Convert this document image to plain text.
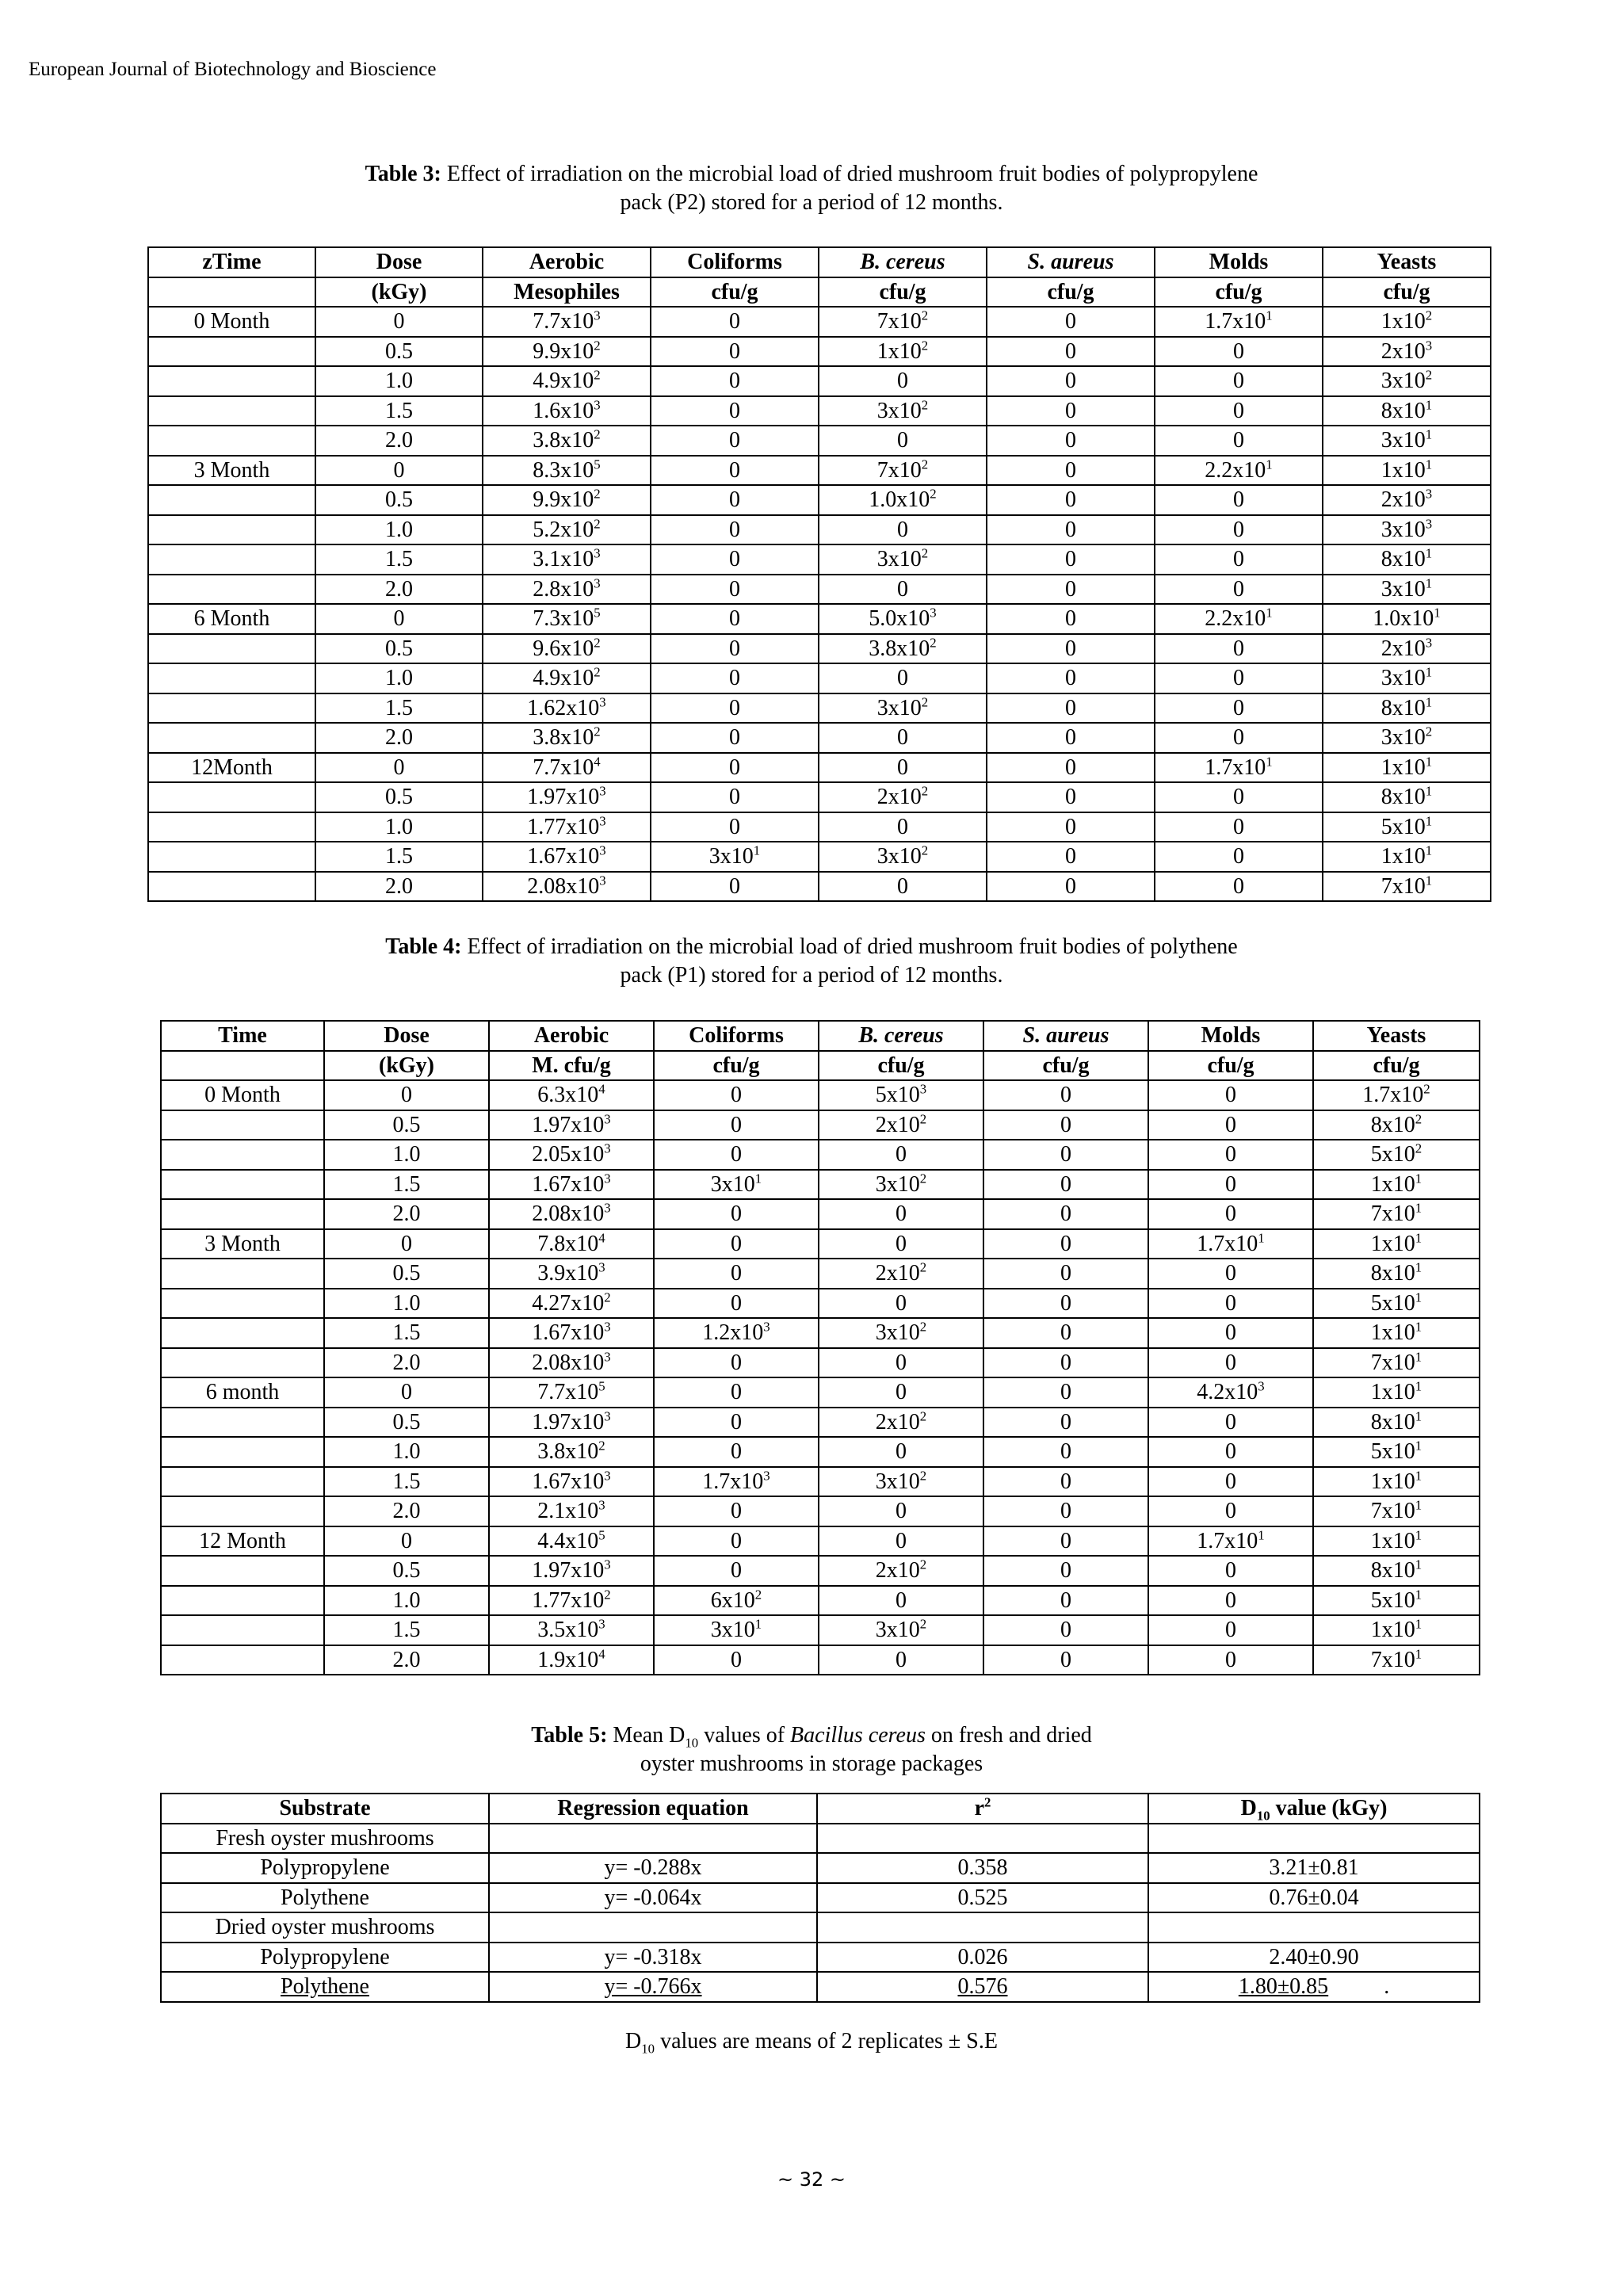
European Journal of Biotechnology and Bioscience
Table 3: Effect of irradiation on the microbial load of dried mushroom fruit bodies of polypropylene
pack (P2) stored for a period of 12 months.
zTime	Dose	Aerobic	Coliforms	B. cereus	S. aureus	Molds	Yeasts
	(kGy)	Mesophiles	cfu/g	cfu/g	cfu/g	cfu/g	cfu/g
0 Month	0	$7.7x10^3$	0	$7x10^2$	0	$1.7x10^1$	$1x10^2$
	0.5	$9.9x10^2$	0	$1x10^2$	0	0	$2x10^3$
	1.0	$4.9x10^2$	0	0	0	0	$3x10^2$
	1.5	$1.6x10^3$	0	$3x10^2$	0	0	$8x10^1$
	2.0	$3.8x10^2$	0	0	0	0	$3x10^1$
3 Month	0	$8.3x10^5$	0	$7x10^2$	0	$2.2x10^1$	$1x10^1$
	0.5	$9.9x10^2$	0	$1.0x10^2$	0	0	$2x10^3$
	1.0	$5.2x10^2$	0	0	0	0	$3x10^3$
	1.5	$3.1x10^3$	0	$3x10^2$	0	0	$8x10^1$
	2.0	$2.8x10^3$	0	0	0	0	$3x10^1$
6 Month	0	$7.3x10^5$	0	$5.0x10^3$	0	$2.2x10^1$	$1.0x10^1$
	0.5	$9.6x10^2$	0	$3.8x10^2$	0	0	$2x10^3$
	1.0	$4.9x10^2$	0	0	0	0	$3x10^1$
	1.5	$1.62x10^3$	0	$3x10^2$	0	0	$8x10^1$
	2.0	$3.8x10^2$	0	0	0	0	$3x10^2$
12Month	0	$7.7x10^4$	0	0	0	$1.7x10^1$	$1x10^1$
	0.5	$1.97x10^3$	0	$2x10^2$	0	0	$8x10^1$
	1.0	$1.77x10^3$	0	0	0	0	$5x10^1$
	1.5	$1.67x10^3$	$3x10^1$	$3x10^2$	0	0	$1x10^1$
	2.0	$2.08x10^3$	0	0	0	0	$7x10^1$
Table 4: Effect of irradiation on the microbial load of dried mushroom fruit bodies of polythene
pack (P1) stored for a period of 12 months.
Time	Dose	Aerobic	Coliforms	B. cereus	S. aureus	Molds	Yeasts
	(kGy)	M. cfu/g	cfu/g	cfu/g	cfu/g	cfu/g	cfu/g
0 Month	0	$6.3x10^4$	0	$5x10^3$	0	0	$1.7x10^2$
	0.5	$1.97x10^3$	0	$2x10^2$	0	0	$8x10^2$
	1.0	$2.05x10^3$	0	0	0	0	$5x10^2$
	1.5	$1.67x10^3$	$3x10^1$	$3x10^2$	0	0	$1x10^1$
	2.0	$2.08x10^3$	0	0	0	0	$7x10^1$
3 Month	0	$7.8x10^4$	0	0	0	$1.7x10^1$	$1x10^1$
	0.5	$3.9x10^3$	0	$2x10^2$	0	0	$8x10^1$
	1.0	$4.27x10^2$	0	0	0	0	$5x10^1$
	1.5	$1.67x10^3$	$1.2x10^3$	$3x10^2$	0	0	$1x10^1$
	2.0	$2.08x10^3$	0	0	0	0	$7x10^1$
6 month	0	$7.7x10^5$	0	0	0	$4.2x10^3$	$1x10^1$
	0.5	$1.97x10^3$	0	$2x10^2$	0	0	$8x10^1$
	1.0	$3.8x10^2$	0	0	0	0	$5x10^1$
	1.5	$1.67x10^3$	$1.7x10^3$	$3x10^2$	0	0	$1x10^1$
	2.0	$2.1x10^3$	0	0	0	0	$7x10^1$
12 Month	0	$4.4x10^5$	0	0	0	$1.7x10^1$	$1x10^1$
	0.5	$1.97x10^3$	0	$2x10^2$	0	0	$8x10^1$
	1.0	$1.77x10^2$	$6x10^2$	0	0	0	$5x10^1$
	1.5	$3.5x10^3$	$3x10^1$	$3x10^2$	0	0	$1x10^1$
	2.0	$1.9x10^4$	0	0	0	0	$7x10^1$
Table 5: Mean $D_{10}$ values of Bacillus cereus on fresh and dried
oyster mushrooms in storage packages
Substrate	Regression equation	$r^2$	$D_{10}$ value (kGy)
Fresh oyster mushrooms			
Polypropylene	y= -0.288x	0.358	3.21±0.81
Polythene	y= -0.064x	0.525	0.76±0.04
Dried oyster mushrooms			
Polypropylene	y= -0.318x	0.026	2.40±0.90
Polythene	y= -0.766x	0.576	1.80±0.85 .
$D_{10}$ values are means of 2 replicates ± S.E
~ 32 ~
